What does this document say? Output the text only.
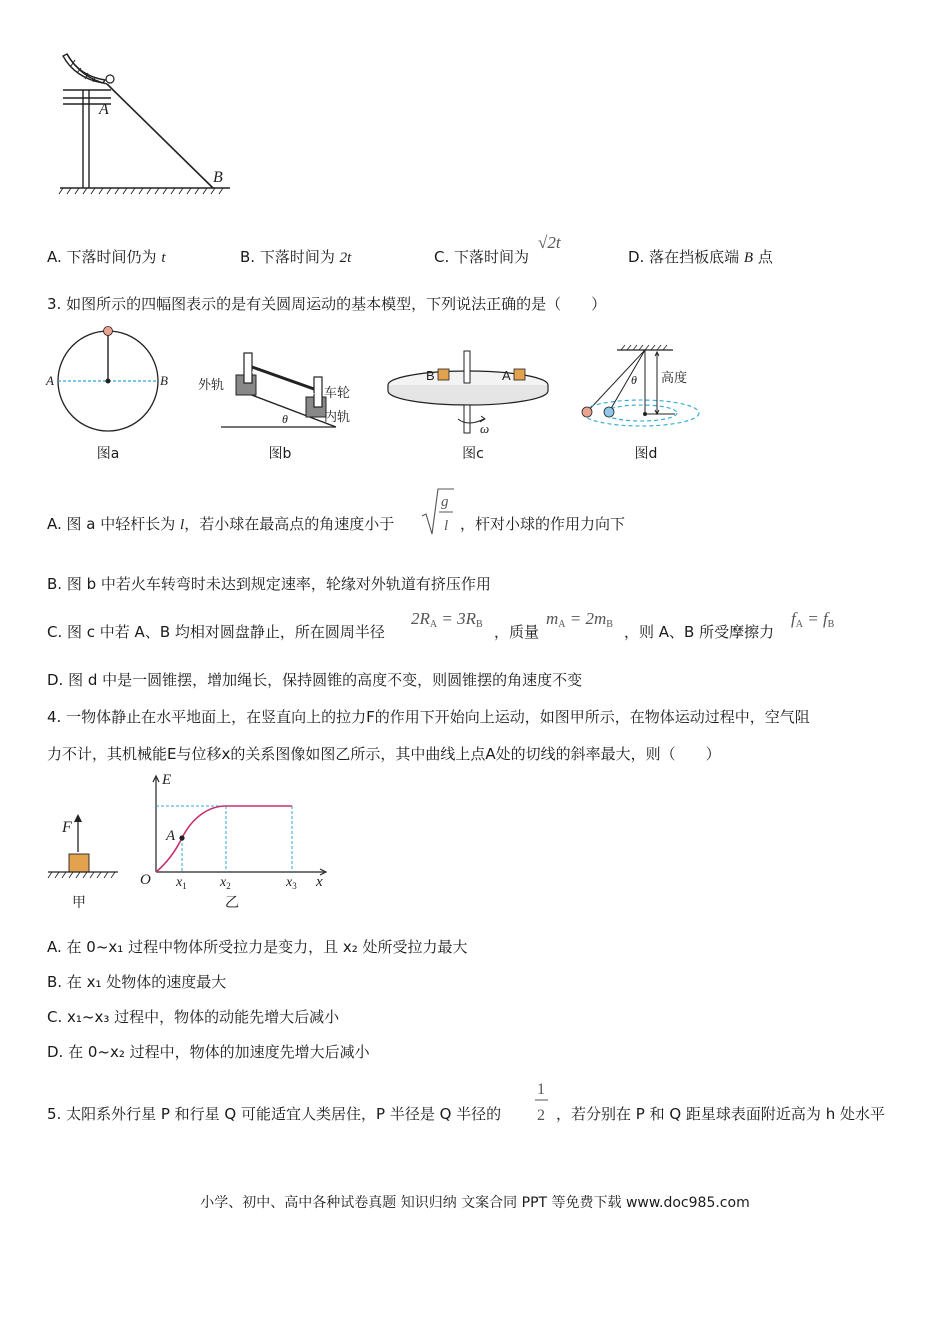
A
B
A. 下落时间仍为 t	B. 下落时间为 2t	C. 下落时间为
√2t
D. 落在挡板底端 B 点
3. 如图所示的四幅图表示的是有关圆周运动的基本模型，下列说法正确的是（　　）
A	B
图a
θ
外轨
车轮
内轨
图b
B	A
ω
图c
θ 高度
图d
A. 图 a 中轻杆长为 l，若小球在最高点的角速度小于
g
l ，杆对小球的作用力向下
B. 图 b 中若火车转弯时未达到规定速率，轮缘对外轨道有挤压作用
C. 图 c 中若 A、B 均相对圆盘静止，所在圆周半径
2RA = 3RB ，质量
mA = 2mB ，则 A、B 所受摩擦力
fA = fB
D. 图 d 中是一圆锥摆，增加绳长，保持圆锥的高度不变，则圆锥摆的角速度不变
4. 一物体静止在水平地面上，在竖直向上的拉力F的作用下开始向上运动，如图甲所示，在物体运动过程中，空气阻
力不计，其机械能E与位移x的关系图像如图乙所示，其中曲线上点A处的切线的斜率最大，则（　　）
F
甲
E
x
O
A
$x_1$ $x_2$	$x_3$
乙
A. 在 0~x₁ 过程中物体所受拉力是变力，且 x₂ 处所受拉力最大
B. 在 x₁ 处物体的速度最大
C. x₁~x₃ 过程中，物体的动能先增大后减小
D. 在 0~x₂ 过程中，物体的加速度先增大后减小
5. 太阳系外行星 P 和行星 Q 可能适宜人类居住，P 半径是 Q 半径的
1
2 ，若分别在 P 和 Q 距星球表面附近高为 h 处水平
小学、初中、高中各种试卷真题 知识归纳 文案合同 PPT 等免费下载 www.doc985.com
